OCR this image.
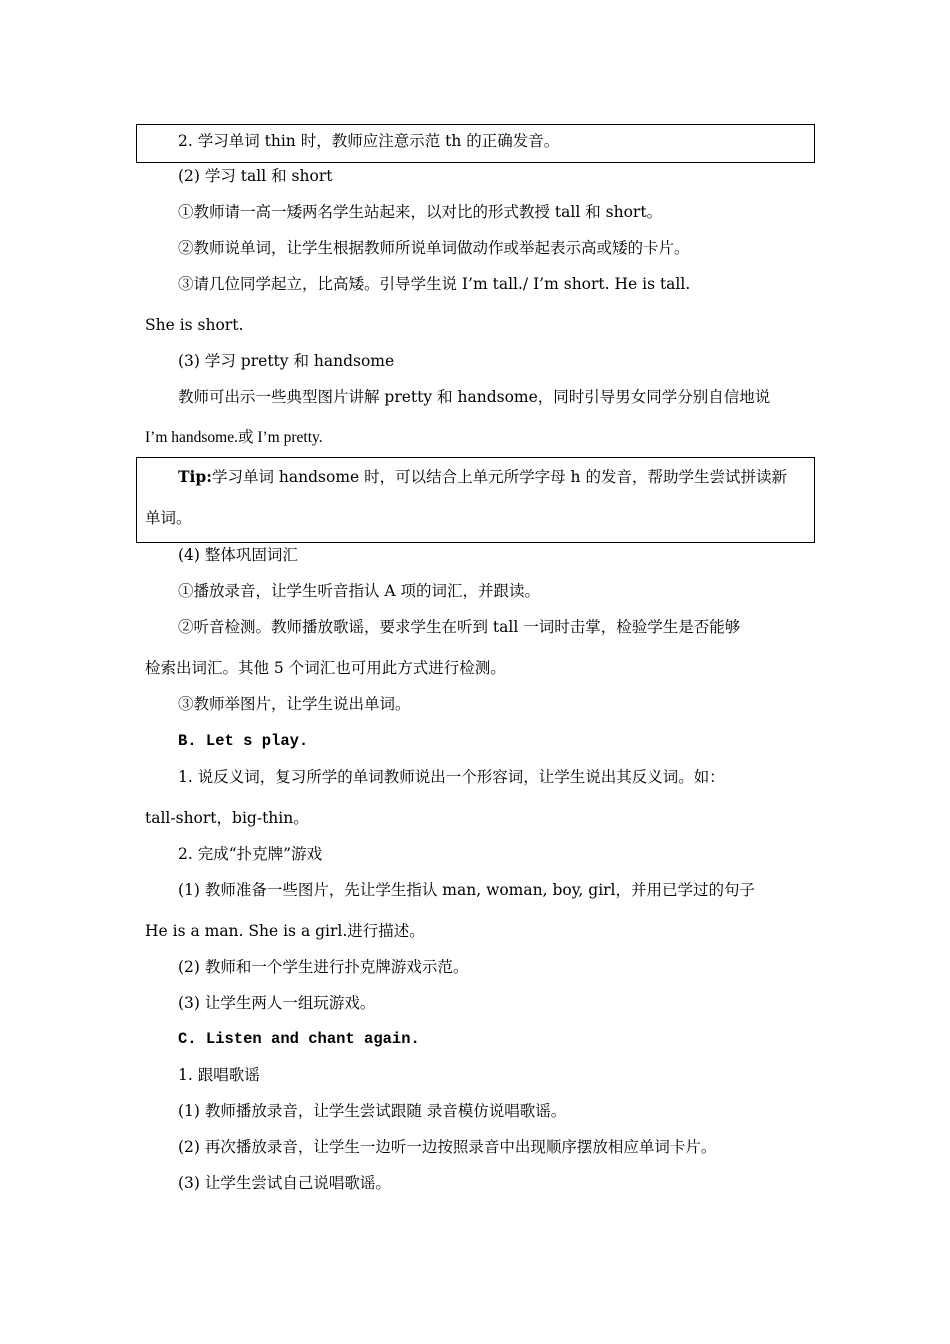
2. 学习单词 thin 时，教师应注意示范 th 的正确发音。
(2) 学习 tall 和 short
①教师请一高一矮两名学生站起来，以对比的形式教授 tall 和 short。
②教师说单词，让学生根据教师所说单词做动作或举起表示高或矮的卡片。
③请几位同学起立，比高矮。引导学生说 I’m tall./ I’m short. He is tall.
She is short.
(3) 学习 pretty 和 handsome
教师可出示一些典型图片讲解 pretty 和 handsome，同时引导男女同学分别自信地说
I’m handsome.或 I’m pretty.
Tip:学习单词 handsome 时，可以结合上单元所学字母 h 的发音，帮助学生尝试拼读新
单词。
(4) 整体巩固词汇
①播放录音，让学生听音指认 A 项的词汇，并跟读。
②听音检测。教师播放歌谣，要求学生在听到 tall 一词时击掌，检验学生是否能够
检索出词汇。其他 5 个词汇也可用此方式进行检测。
③教师举图片，让学生说出单词。
B. Let s play.
1. 说反义词，复习所学的单词教师说出一个形容词，让学生说出其反义词。如：
tall-short，big-thin。
2. 完成“扑克牌”游戏
(1) 教师准备一些图片，先让学生指认 man, woman, boy, girl，并用已学过的句子
He is a man. She is a girl.进行描述。
(2) 教师和一个学生进行扑克牌游戏示范。
(3) 让学生两人一组玩游戏。
C. Listen and chant again.
1. 跟唱歌谣
(1) 教师播放录音，让学生尝试跟随 录音模仿说唱歌谣。
(2) 再次播放录音，让学生一边听一边按照录音中出现顺序摆放相应单词卡片。
(3) 让学生尝试自己说唱歌谣。
